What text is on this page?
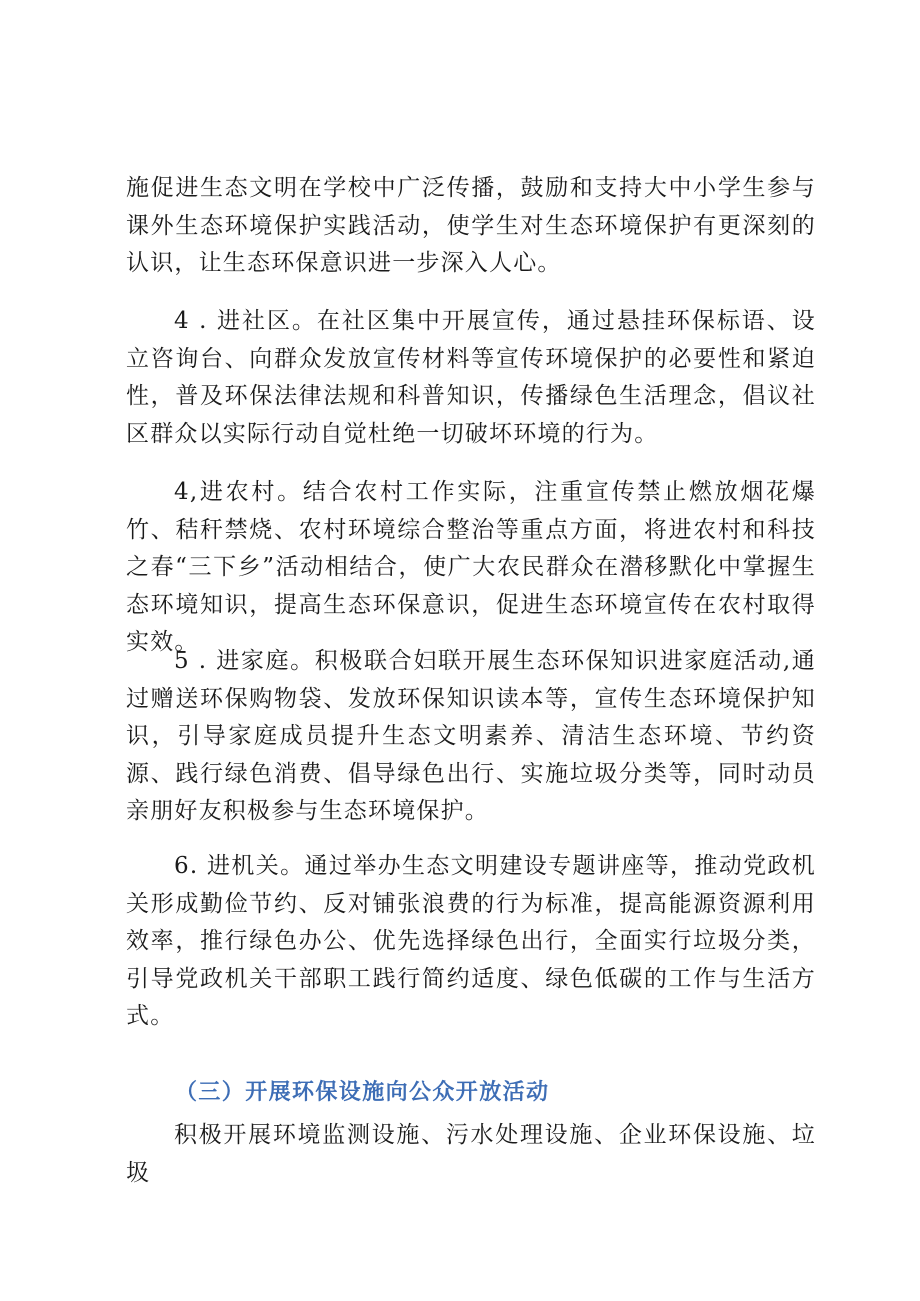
施促进生态文明在学校中广泛传播，鼓励和支持大中小学生参与课外生态环境保护实践活动，使学生对生态环境保护有更深刻的认识，让生态环保意识进一步深入人心。

4 . 进社区。在社区集中开展宣传，通过悬挂环保标语、设立咨询台、向群众发放宣传材料等宣传环境保护的必要性和紧迫性，普及环保法律法规和科普知识，传播绿色生活理念，倡议社区群众以实际行动自觉杜绝一切破坏环境的行为。

4,进农村。结合农村工作实际，注重宣传禁止燃放烟花爆竹、秸秆禁烧、农村环境综合整治等重点方面，将进农村和科技之春“三下乡”活动相结合，使广大农民群众在潜移默化中掌握生态环境知识，提高生态环保意识，促进生态环境宣传在农村取得实效。

5 . 进家庭。积极联合妇联开展生态环保知识进家庭活动,通过赠送环保购物袋、发放环保知识读本等，宣传生态环境保护知识，引导家庭成员提升生态文明素养、清洁生态环境、节约资源、践行绿色消费、倡导绿色出行、实施垃圾分类等，同时动员亲朋好友积极参与生态环境保护。

6. 进机关。通过举办生态文明建设专题讲座等，推动党政机关形成勤俭节约、反对铺张浪费的行为标准，提高能源资源利用效率，推行绿色办公、优先选择绿色出行，全面实行垃圾分类，引导党政机关干部职工践行简约适度、绿色低碳的工作与生活方式。

（三）开展环保设施向公众开放活动

积极开展环境监测设施、污水处理设施、企业环保设施、垃圾
